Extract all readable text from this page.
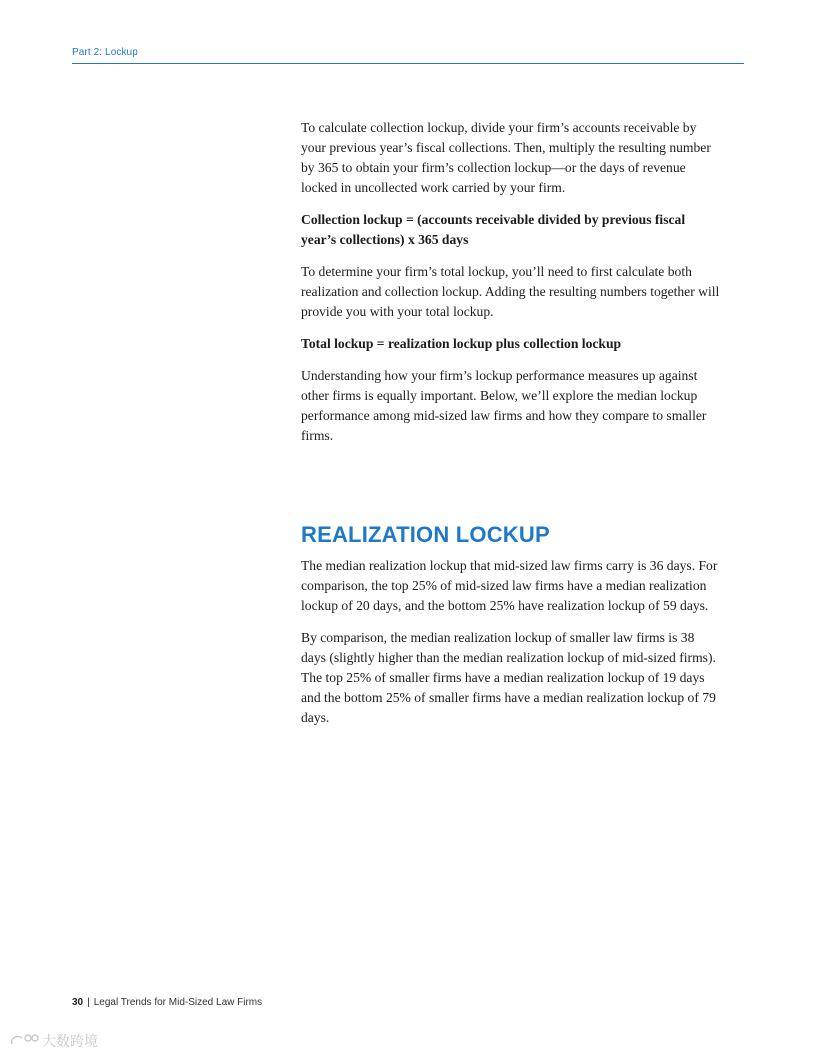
Part 2: Lockup

To calculate collection lockup, divide your firm’s accounts receivable by your previous year’s fiscal collections. Then, multiply the resulting number by 365 to obtain your firm’s collection lockup—or the days of revenue locked in uncollected work carried by your firm.

Collection lockup = (accounts receivable divided by previous fiscal year’s collections) x 365 days

To determine your firm’s total lockup, you’ll need to first calculate both realization and collection lockup. Adding the resulting numbers together will provide you with your total lockup.

Total lockup = realization lockup plus collection lockup

Understanding how your firm’s lockup performance measures up against other firms is equally important. Below, we’ll explore the median lockup performance among mid-sized law firms and how they compare to smaller firms.

REALIZATION LOCKUP

The median realization lockup that mid-sized law firms carry is 36 days. For comparison, the top 25% of mid-sized law firms have a median realization lockup of 20 days, and the bottom 25% have realization lockup of 59 days.

By comparison, the median realization lockup of smaller law firms is 38 days (slightly higher than the median realization lockup of mid-sized firms). The top 25% of smaller firms have a median realization lockup of 19 days and the bottom 25% of smaller firms have a median realization lockup of 79 days.

30 | Legal Trends for Mid-Sized Law Firms
大数跨境
